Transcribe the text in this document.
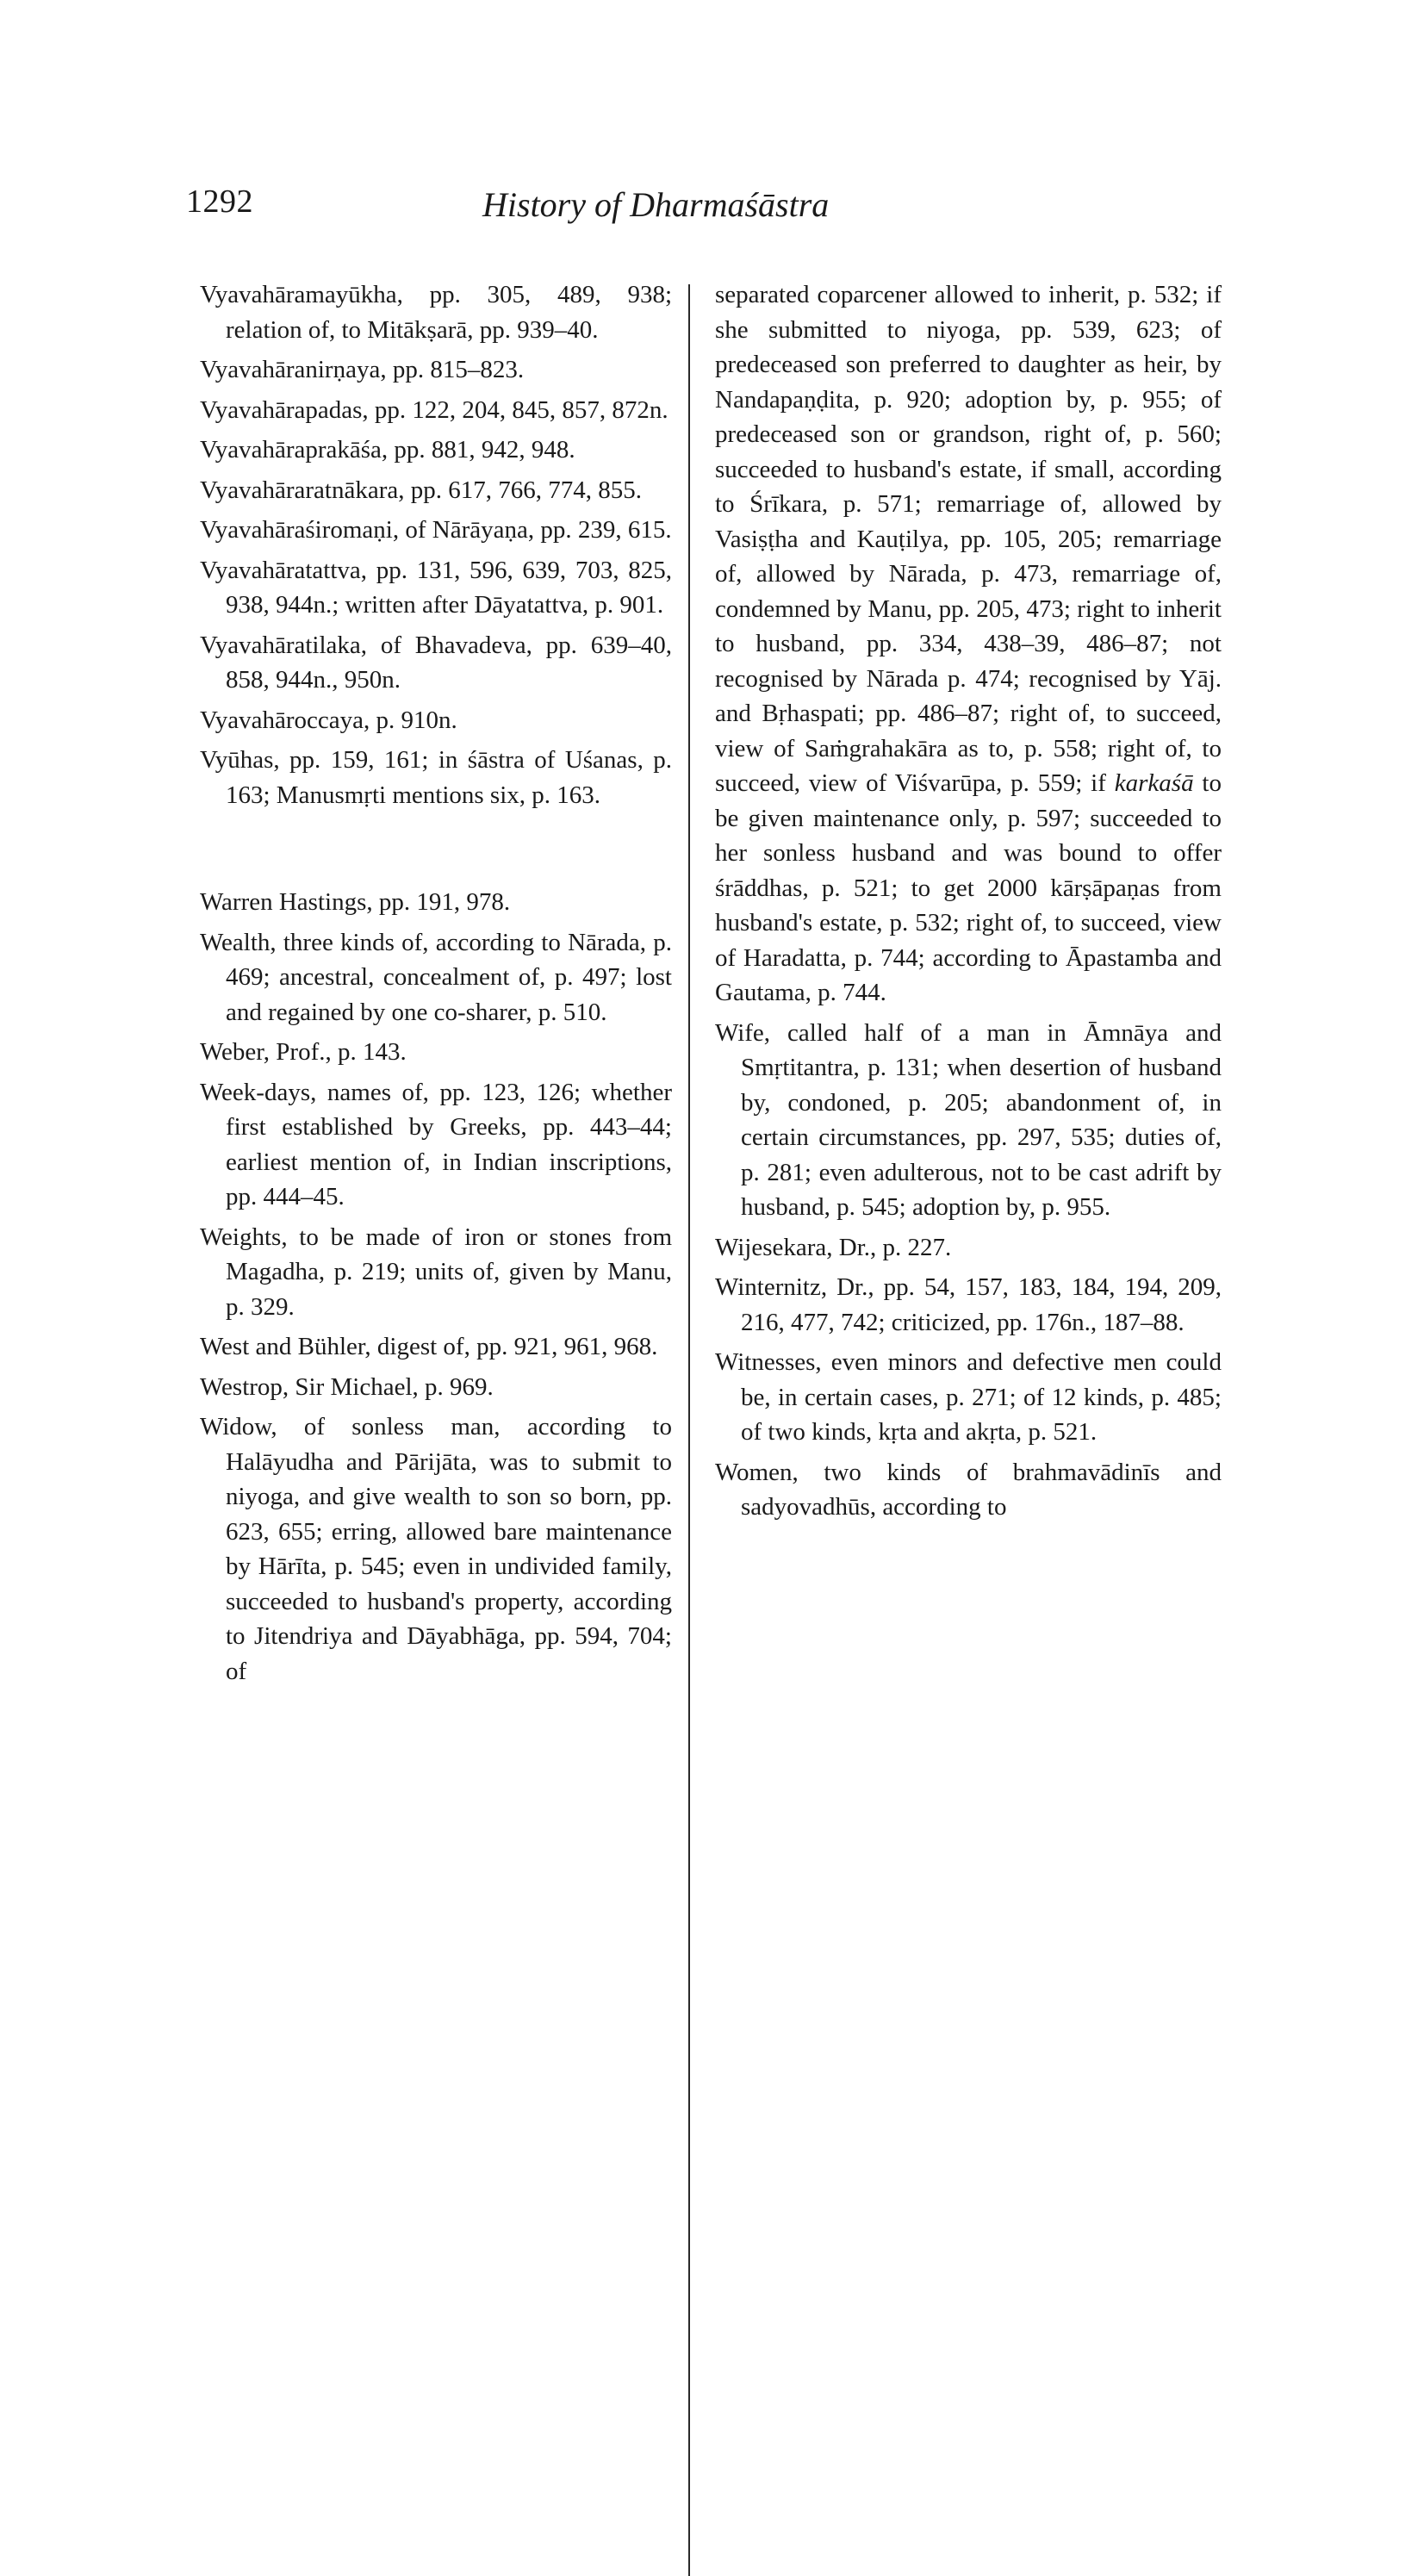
1292	History of Dharmaśāstra

Vyavahāramayūkha, pp. 305, 489, 938; relation of, to Mitākṣarā, pp. 939–40.

Vyavahāranirṇaya, pp. 815–823.

Vyavahārapadas, pp. 122, 204, 845, 857, 872n.

Vyavahāraprakāśa, pp. 881, 942, 948.

Vyavahāraratnākara, pp. 617, 766, 774, 855.

Vyavahāraśiromaṇi, of Nārāyaṇa, pp. 239, 615.

Vyavahāratattva, pp. 131, 596, 639, 703, 825, 938, 944n.; written after Dāyatattva, p. 901.

Vyavahāratilaka, of Bhavadeva, pp. 639–40, 858, 944n., 950n.

Vyavahāroccaya, p. 910n.

Vyūhas, pp. 159, 161; in śāstra of Uśanas, p. 163; Manusmṛti mentions six, p. 163.

Warren Hastings, pp. 191, 978.

Wealth, three kinds of, according to Nārada, p. 469; ancestral, concealment of, p. 497; lost and regained by one co-sharer, p. 510.

Weber, Prof., p. 143.

Week-days, names of, pp. 123, 126; whether first established by Greeks, pp. 443–44; earliest mention of, in Indian inscriptions, pp. 444–45.

Weights, to be made of iron or stones from Magadha, p. 219; units of, given by Manu, p. 329.

West and Bühler, digest of, pp. 921, 961, 968.

Westrop, Sir Michael, p. 969.

Widow, of sonless man, according to Halāyudha and Pārijāta, was to submit to niyoga, and give wealth to son so born, pp. 623, 655; erring, allowed bare maintenance by Hārīta, p. 545; even in undivided family, succeeded to husband's property, according to Jitendriya and Dāyabhāga, pp. 594, 704; of

separated coparcener allowed to inherit, p. 532; if she submitted to niyoga, pp. 539, 623; of predeceased son preferred to daughter as heir, by Nandapaṇḍita, p. 920; adoption by, p. 955; of predeceased son or grandson, right of, p. 560; succeeded to husband's estate, if small, according to Śrīkara, p. 571; remarriage of, allowed by Vasiṣṭha and Kauṭilya, pp. 105, 205; remarriage of, allowed by Nārada, p. 473, remarriage of, condemned by Manu, pp. 205, 473; right to inherit to husband, pp. 334, 438–39, 486–87; not recognised by Nārada p. 474; recognised by Yāj. and Bṛhaspati; pp. 486–87; right of, to succeed, view of Saṁgrahakāra as to, p. 558; right of, to succeed, view of Viśvarūpa, p. 559; if karkaśā to be given maintenance only, p. 597; succeeded to her sonless husband and was bound to offer śrāddhas, p. 521; to get 2000 kārṣāpaṇas from husband's estate, p. 532; right of, to succeed, view of Haradatta, p. 744; according to Āpastamba and Gautama, p. 744.

Wife, called half of a man in Āmnāya and Smṛtitantra, p. 131; when desertion of husband by, condoned, p. 205; abandonment of, in certain circumstances, pp. 297, 535; duties of, p. 281; even adulterous, not to be cast adrift by husband, p. 545; adoption by, p. 955.

Wijesekara, Dr., p. 227.

Winternitz, Dr., pp. 54, 157, 183, 184, 194, 209, 216, 477, 742; criticized, pp. 176n., 187–88.

Witnesses, even minors and defective men could be, in certain cases, p. 271; of 12 kinds, p. 485; of two kinds, kṛta and akṛta, p. 521.

Women, two kinds of brahmavādinīs and sadyovadhūs, according to
